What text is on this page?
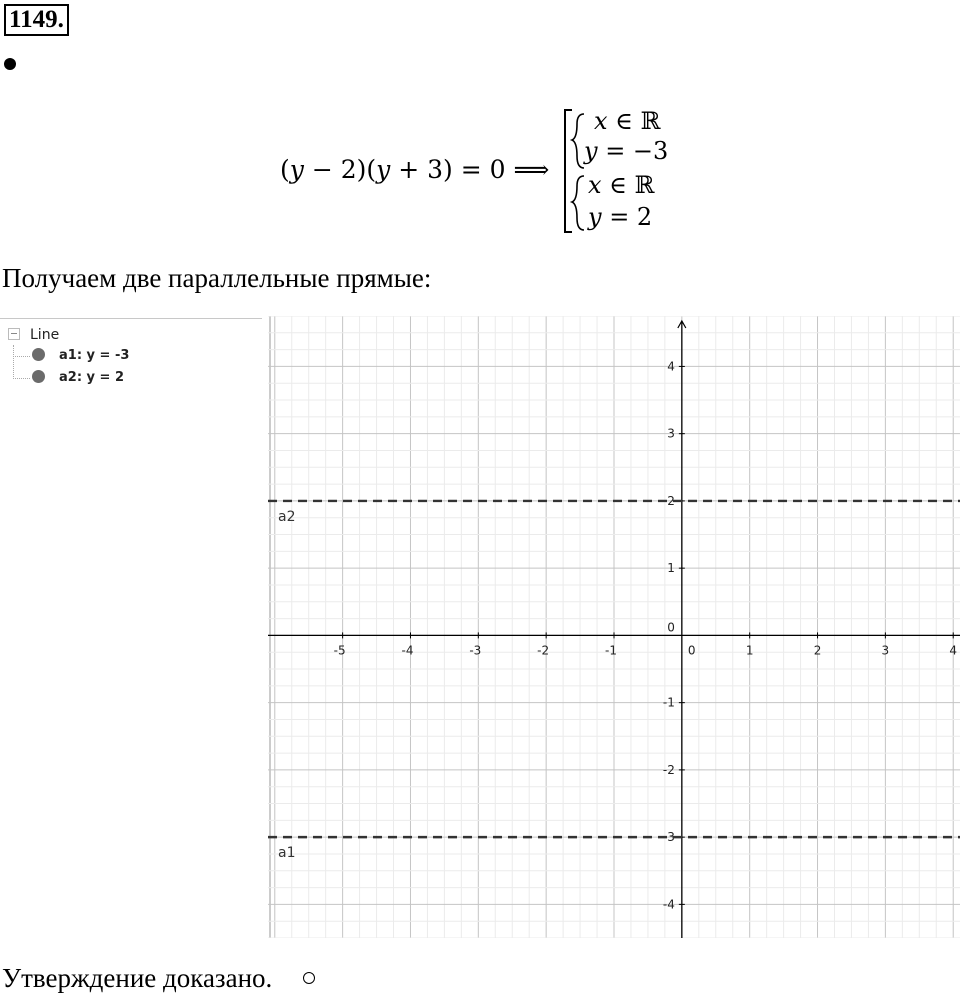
1149.
(y − 2)(y + 3) = 0 ⟹
x ∈ ℝ
y = −3
x ∈ ℝ
y = 2
Получаем две параллельные прямые:
Line
a1: y = -3
a2: y = 2
-5	-4	-3	-2	-1	0	1	2	3	4
4
3
2
1
0
-1
-2
-3
-4
a1
a2
Утверждение доказано.
